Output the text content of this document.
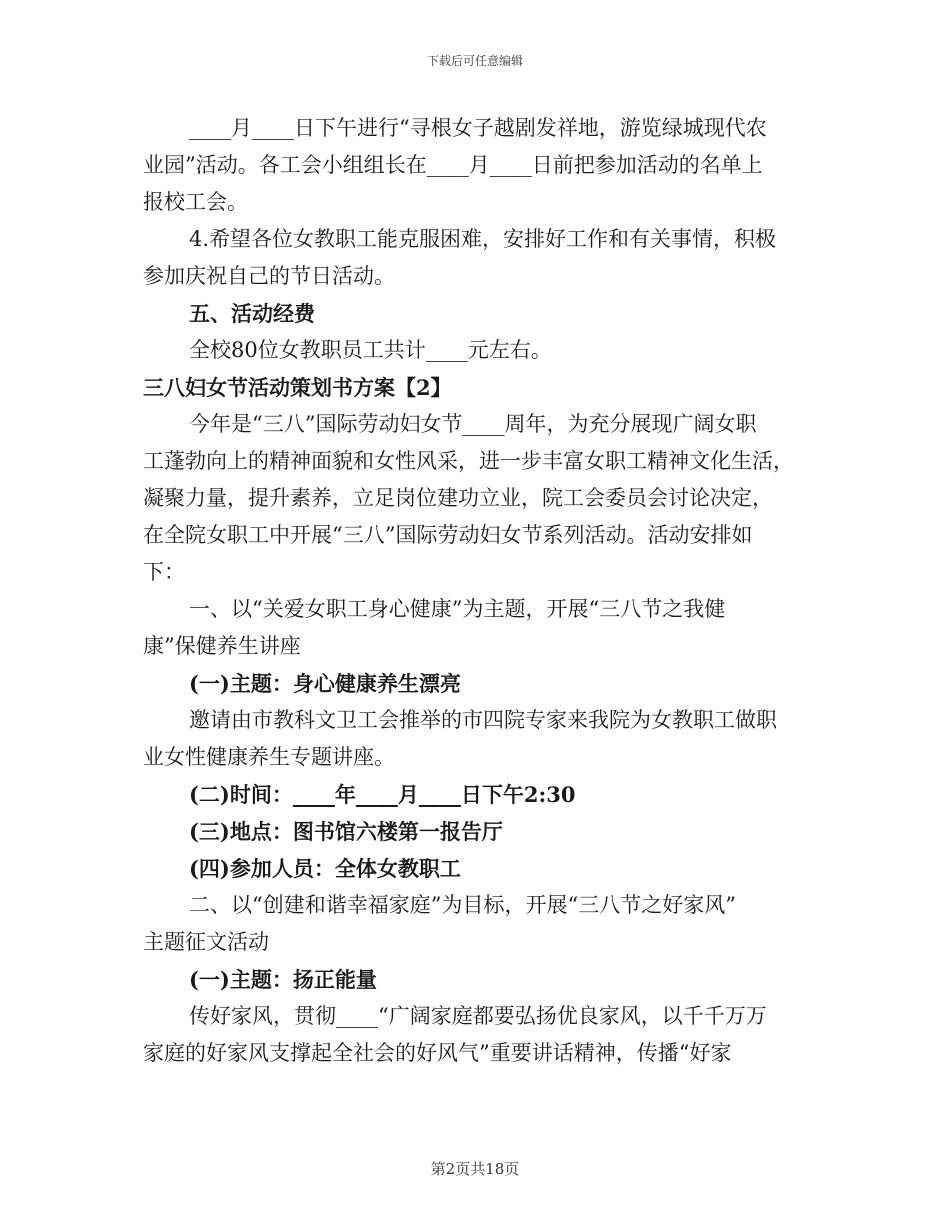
下载后可任意编辑
____月____日下午进行“寻根女子越剧发祥地，游览绿城现代农
业园”活动。各工会小组组长在____月____日前把参加活动的名单上
报校工会。
4.希望各位女教职工能克服困难，安排好工作和有关事情，积极
参加庆祝自己的节日活动。
五、活动经费
全校80位女教职员工共计____元左右。
三八妇女节活动策划书方案【2】
今年是“三八”国际劳动妇女节____周年，为充分展现广阔女职
工蓬勃向上的精神面貌和女性风采，进一步丰富女职工精神文化生活，
凝聚力量，提升素养，立足岗位建功立业，院工会委员会讨论决定，
在全院女职工中开展“三八”国际劳动妇女节系列活动。活动安排如
下：
一、以“关爱女职工身心健康”为主题，开展“三八节之我健
康”保健养生讲座
(一)主题：身心健康养生漂亮
邀请由市教科文卫工会推举的市四院专家来我院为女教职工做职
业女性健康养生专题讲座。
(二)时间：____年____月____日下午2:30
(三)地点：图书馆六楼第一报告厅
(四)参加人员：全体女教职工
二、以“创建和谐幸福家庭”为目标，开展“三八节之好家风”
主题征文活动
(一)主题：扬正能量
传好家风，贯彻____“广阔家庭都要弘扬优良家风，以千千万万
家庭的好家风支撑起全社会的好风气”重要讲话精神，传播“好家
第2页共18页
